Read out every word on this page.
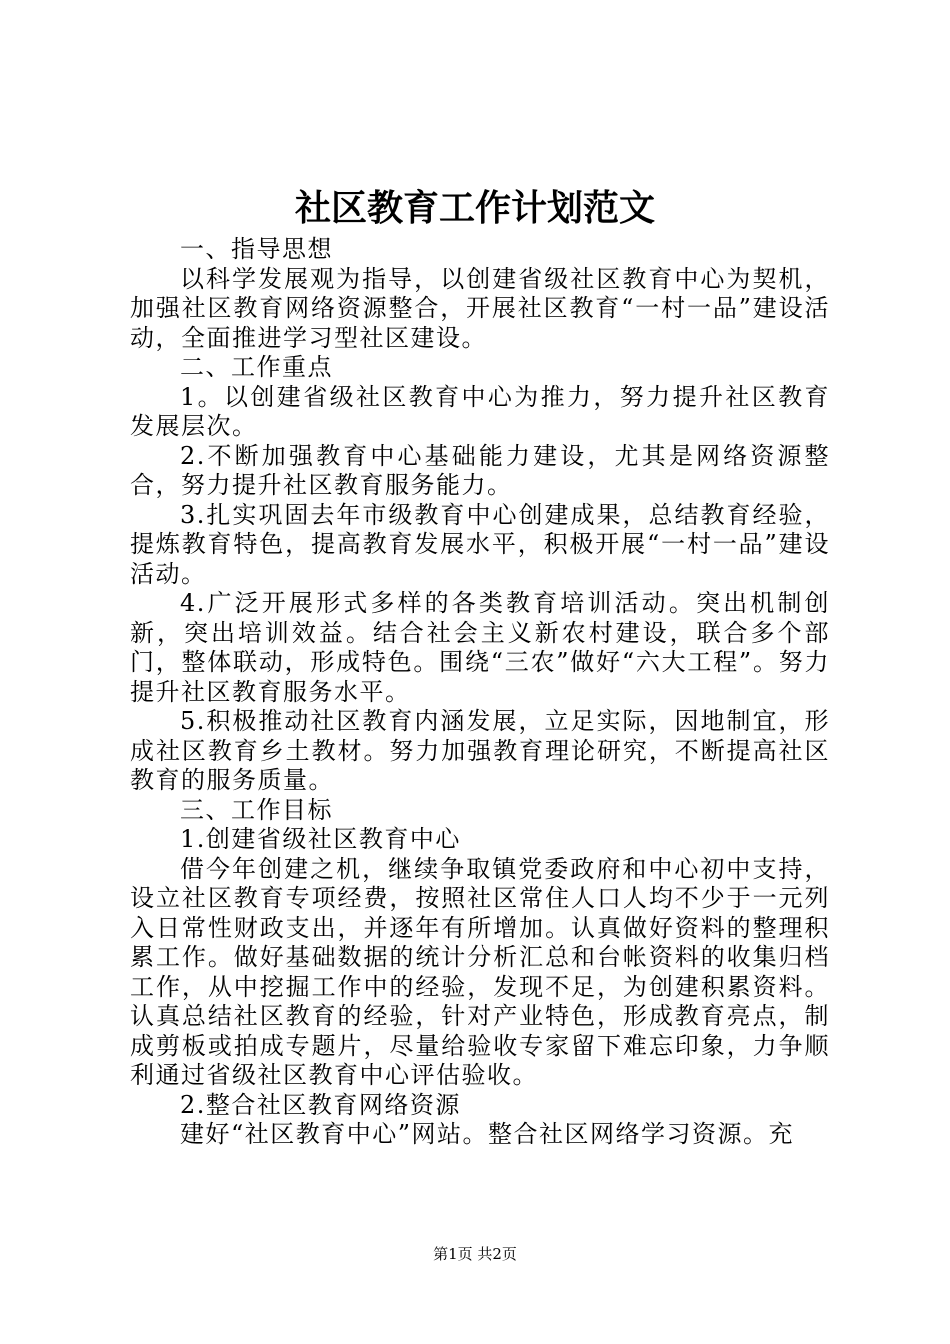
社区教育工作计划范文

一、指导思想

以科学发展观为指导，以创建省级社区教育中心为契机，加强社区教育网络资源整合，开展社区教育“一村一品”建设活动，全面推进学习型社区建设。

二、工作重点

1。以创建省级社区教育中心为推力，努力提升社区教育发展层次。

2.不断加强教育中心基础能力建设，尤其是网络资源整合，努力提升社区教育服务能力。

3.扎实巩固去年市级教育中心创建成果，总结教育经验，提炼教育特色，提高教育发展水平，积极开展“一村一品”建设活动。

4.广泛开展形式多样的各类教育培训活动。突出机制创新，突出培训效益。结合社会主义新农村建设，联合多个部门，整体联动，形成特色。围绕“三农”做好“六大工程”。努力提升社区教育服务水平。

5.积极推动社区教育内涵发展，立足实际，因地制宜，形成社区教育乡土教材。努力加强教育理论研究，不断提高社区教育的服务质量。

三、工作目标

1.创建省级社区教育中心

借今年创建之机，继续争取镇党委政府和中心初中支持，设立社区教育专项经费，按照社区常住人口人均不少于一元列入日常性财政支出，并逐年有所增加。认真做好资料的整理积累工作。做好基础数据的统计分析汇总和台帐资料的收集归档工作，从中挖掘工作中的经验，发现不足，为创建积累资料。认真总结社区教育的经验，针对产业特色，形成教育亮点，制成剪板或拍成专题片，尽量给验收专家留下难忘印象，力争顺利通过省级社区教育中心评估验收。

2.整合社区教育网络资源

建好“社区教育中心”网站。整合社区网络学习资源。充

第1页 共2页
